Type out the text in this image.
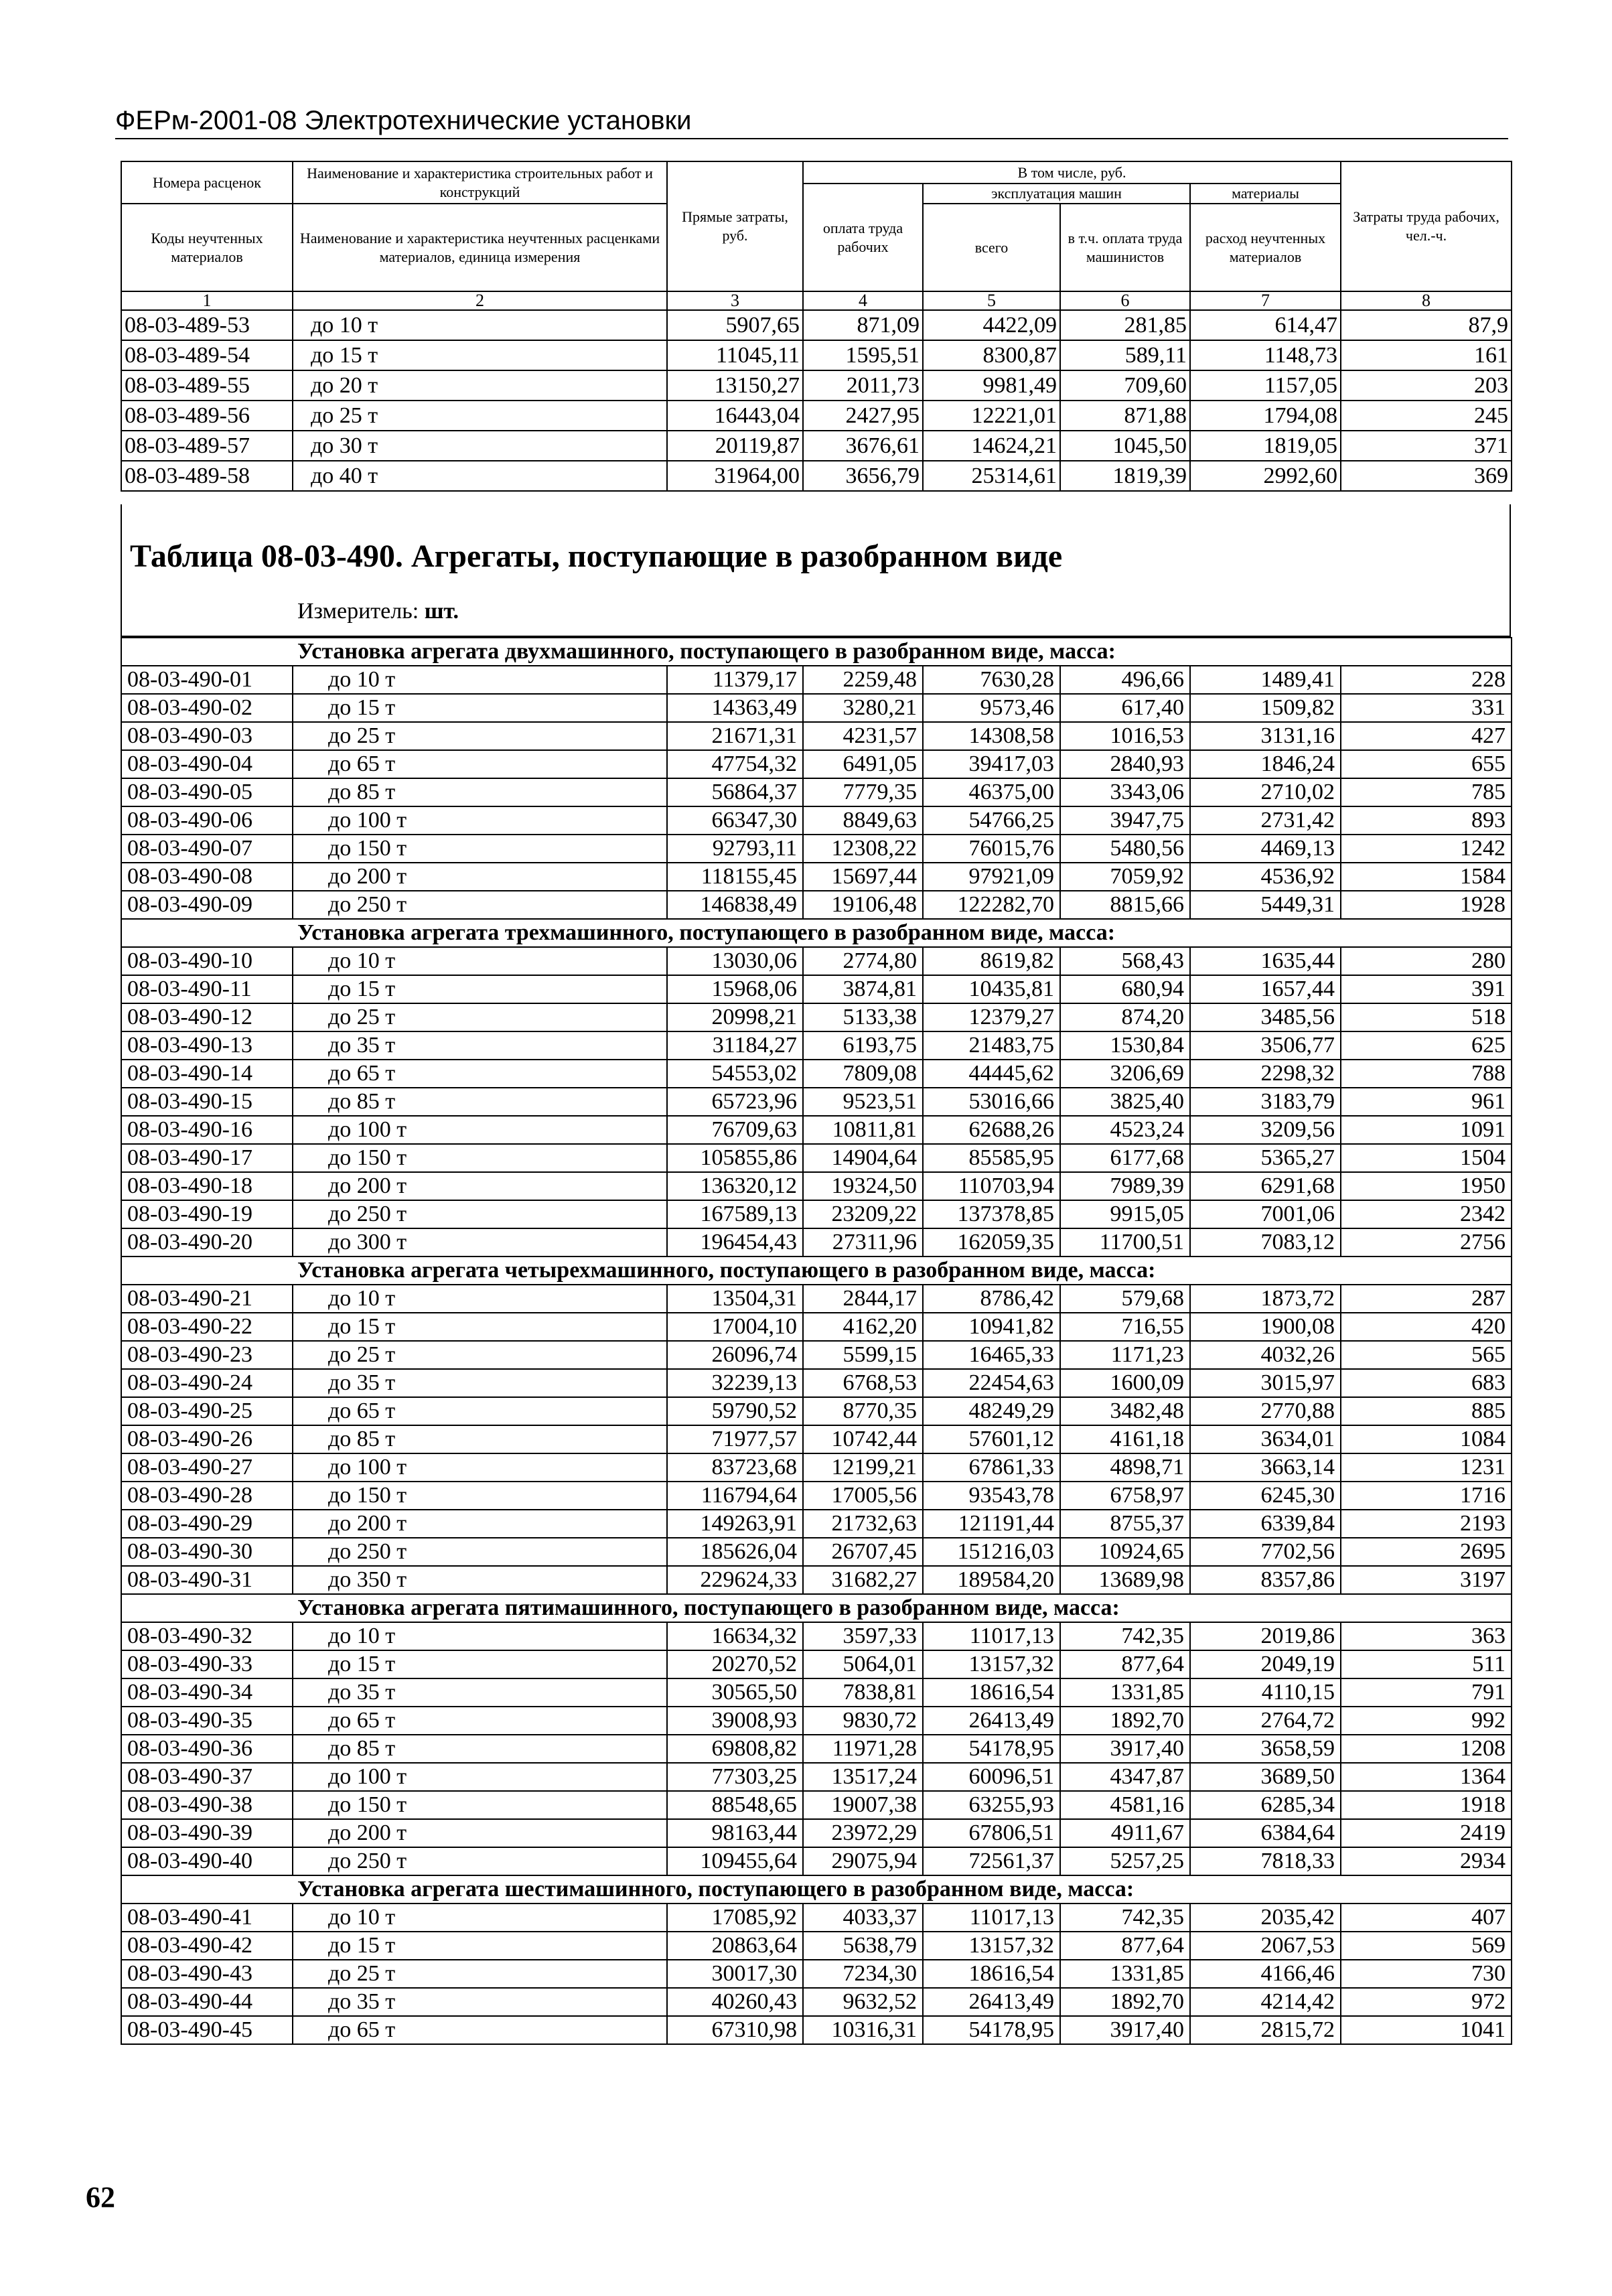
ФЕРм-2001-08 Электротехнические установки
Номера расценок	Наименование и характеристика строительных работ и конструкций	Прямые затраты, руб.	В том числе, руб.				Затраты труда рабочих, чел.-ч.
			оплата труда рабочих	эксплуатация машин		материалы	
Коды неучтенных материалов	Наименование и характеристика неучтенных расценками материалов, единица измерения			всего	в т.ч. оплата труда машинистов	расход неучтенных материалов	

1	2	3	4	5	6	7	8
08-03-489-53	до 10 т	5907,65	871,09	4422,09	281,85	614,47	87,9
08-03-489-54	до 15 т	11045,11	1595,51	8300,87	589,11	1148,73	161
08-03-489-55	до 20 т	13150,27	2011,73	9981,49	709,60	1157,05	203
08-03-489-56	до 25 т	16443,04	2427,95	12221,01	871,88	1794,08	245
08-03-489-57	до 30 т	20119,87	3676,61	14624,21	1045,50	1819,05	371
08-03-489-58	до 40 т	31964,00	3656,79	25314,61	1819,39	2992,60	369
Таблица 08-03-490. Агрегаты, поступающие в разобранном виде
Измеритель: шт.
Установка агрегата двухмашинного, поступающего в разобранном виде, масса:							
08-03-490-01	до 10 т	11379,17	2259,48	7630,28	496,66	1489,41	228
08-03-490-02	до 15 т	14363,49	3280,21	9573,46	617,40	1509,82	331
08-03-490-03	до 25 т	21671,31	4231,57	14308,58	1016,53	3131,16	427
08-03-490-04	до 65 т	47754,32	6491,05	39417,03	2840,93	1846,24	655
08-03-490-05	до 85 т	56864,37	7779,35	46375,00	3343,06	2710,02	785
08-03-490-06	до 100 т	66347,30	8849,63	54766,25	3947,75	2731,42	893
08-03-490-07	до 150 т	92793,11	12308,22	76015,76	5480,56	4469,13	1242
08-03-490-08	до 200 т	118155,45	15697,44	97921,09	7059,92	4536,92	1584
08-03-490-09	до 250 т	146838,49	19106,48	122282,70	8815,66	5449,31	1928
Установка агрегата трехмашинного, поступающего в разобранном виде, масса:							
08-03-490-10	до 10 т	13030,06	2774,80	8619,82	568,43	1635,44	280
08-03-490-11	до 15 т	15968,06	3874,81	10435,81	680,94	1657,44	391
08-03-490-12	до 25 т	20998,21	5133,38	12379,27	874,20	3485,56	518
08-03-490-13	до 35 т	31184,27	6193,75	21483,75	1530,84	3506,77	625
08-03-490-14	до 65 т	54553,02	7809,08	44445,62	3206,69	2298,32	788
08-03-490-15	до 85 т	65723,96	9523,51	53016,66	3825,40	3183,79	961
08-03-490-16	до 100 т	76709,63	10811,81	62688,26	4523,24	3209,56	1091
08-03-490-17	до 150 т	105855,86	14904,64	85585,95	6177,68	5365,27	1504
08-03-490-18	до 200 т	136320,12	19324,50	110703,94	7989,39	6291,68	1950
08-03-490-19	до 250 т	167589,13	23209,22	137378,85	9915,05	7001,06	2342
08-03-490-20	до 300 т	196454,43	27311,96	162059,35	11700,51	7083,12	2756
Установка агрегата четырехмашинного, поступающего в разобранном виде, масса:							
08-03-490-21	до 10 т	13504,31	2844,17	8786,42	579,68	1873,72	287
08-03-490-22	до 15 т	17004,10	4162,20	10941,82	716,55	1900,08	420
08-03-490-23	до 25 т	26096,74	5599,15	16465,33	1171,23	4032,26	565
08-03-490-24	до 35 т	32239,13	6768,53	22454,63	1600,09	3015,97	683
08-03-490-25	до 65 т	59790,52	8770,35	48249,29	3482,48	2770,88	885
08-03-490-26	до 85 т	71977,57	10742,44	57601,12	4161,18	3634,01	1084
08-03-490-27	до 100 т	83723,68	12199,21	67861,33	4898,71	3663,14	1231
08-03-490-28	до 150 т	116794,64	17005,56	93543,78	6758,97	6245,30	1716
08-03-490-29	до 200 т	149263,91	21732,63	121191,44	8755,37	6339,84	2193
08-03-490-30	до 250 т	185626,04	26707,45	151216,03	10924,65	7702,56	2695
08-03-490-31	до 350 т	229624,33	31682,27	189584,20	13689,98	8357,86	3197
Установка агрегата пятимашинного, поступающего в разобранном виде, масса:							
08-03-490-32	до 10 т	16634,32	3597,33	11017,13	742,35	2019,86	363
08-03-490-33	до 15 т	20270,52	5064,01	13157,32	877,64	2049,19	511
08-03-490-34	до 35 т	30565,50	7838,81	18616,54	1331,85	4110,15	791
08-03-490-35	до 65 т	39008,93	9830,72	26413,49	1892,70	2764,72	992
08-03-490-36	до 85 т	69808,82	11971,28	54178,95	3917,40	3658,59	1208
08-03-490-37	до 100 т	77303,25	13517,24	60096,51	4347,87	3689,50	1364
08-03-490-38	до 150 т	88548,65	19007,38	63255,93	4581,16	6285,34	1918
08-03-490-39	до 200 т	98163,44	23972,29	67806,51	4911,67	6384,64	2419
08-03-490-40	до 250 т	109455,64	29075,94	72561,37	5257,25	7818,33	2934
Установка агрегата шестимашинного, поступающего в разобранном виде, масса:							
08-03-490-41	до 10 т	17085,92	4033,37	11017,13	742,35	2035,42	407
08-03-490-42	до 15 т	20863,64	5638,79	13157,32	877,64	2067,53	569
08-03-490-43	до 25 т	30017,30	7234,30	18616,54	1331,85	4166,46	730
08-03-490-44	до 35 т	40260,43	9632,52	26413,49	1892,70	4214,42	972
08-03-490-45	до 65 т	67310,98	10316,31	54178,95	3917,40	2815,72	1041
62
